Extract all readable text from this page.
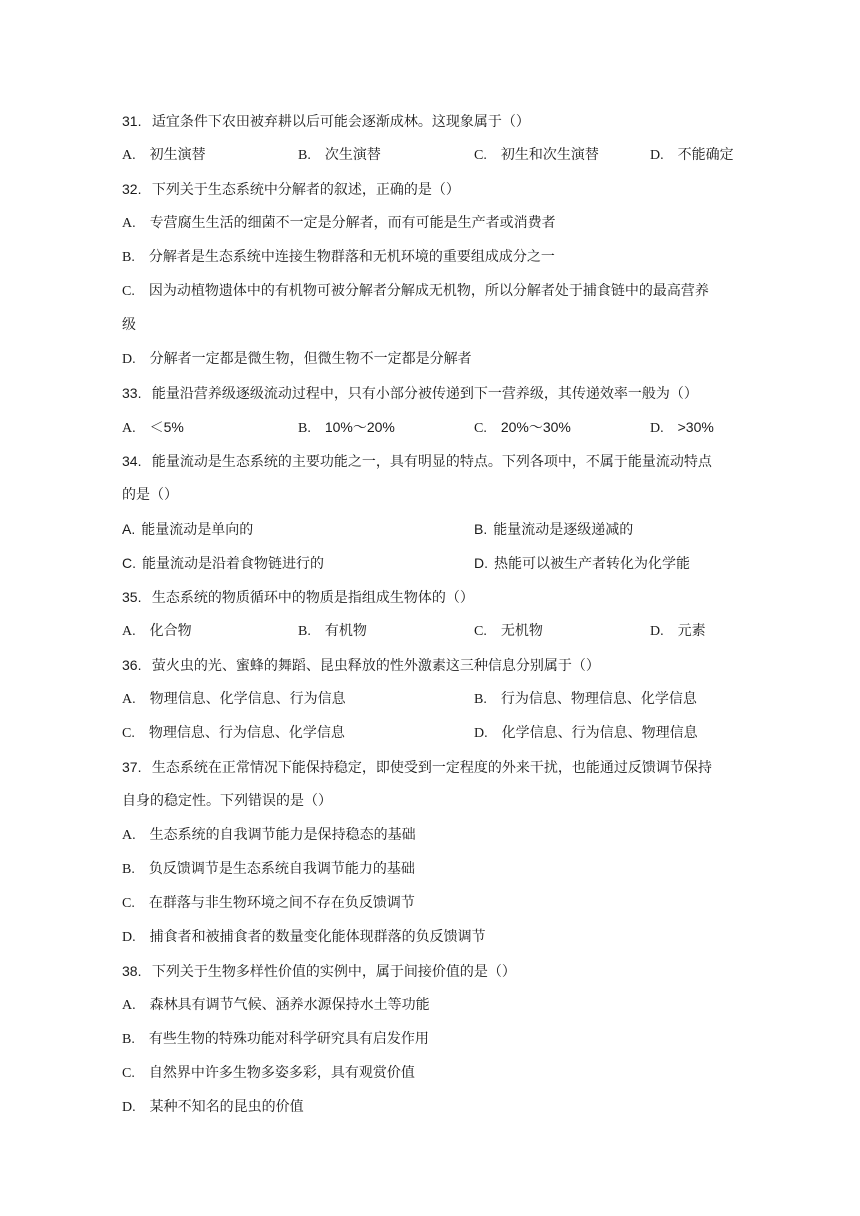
31. 适宜条件下农田被弃耕以后可能会逐渐成林。这现象属于（）
A. 初生演替	B. 次生演替	C. 初生和次生演替	D. 不能确定
32. 下列关于生态系统中分解者的叙述，正确的是（）
A. 专营腐生生活的细菌不一定是分解者，而有可能是生产者或消费者
B. 分解者是生态系统中连接生物群落和无机环境的重要组成成分之一
C. 因为动植物遗体中的有机物可被分解者分解成无机物，所以分解者处于捕食链中的最高营养
级
D. 分解者一定都是微生物，但微生物不一定都是分解者
33. 能量沿营养级逐级流动过程中，只有小部分被传递到下一营养级，其传递效率一般为（）
A. ＜5%	B. 10%～20%	C. 20%～30%	D. >30%
34. 能量流动是生态系统的主要功能之一，具有明显的特点。下列各项中，不属于能量流动特点
的是（）
A. 能量流动是单向的	B. 能量流动是逐级递减的
C. 能量流动是沿着食物链进行的	D. 热能可以被生产者转化为化学能
35. 生态系统的物质循环中的物质是指组成生物体的（）
A. 化合物	B. 有机物	C. 无机物	D. 元素
36. 萤火虫的光、蜜蜂的舞蹈、昆虫释放的性外激素这三种信息分别属于（）
A. 物理信息、化学信息、行为信息	B. 行为信息、物理信息、化学信息
C. 物理信息、行为信息、化学信息	D. 化学信息、行为信息、物理信息
37. 生态系统在正常情况下能保持稳定，即使受到一定程度的外来干扰，也能通过反馈调节保持
自身的稳定性。下列错误的是（）
A. 生态系统的自我调节能力是保持稳态的基础
B. 负反馈调节是生态系统自我调节能力的基础
C. 在群落与非生物环境之间不存在负反馈调节
D. 捕食者和被捕食者的数量变化能体现群落的负反馈调节
38. 下列关于生物多样性价值的实例中，属于间接价值的是（）
A. 森林具有调节气候、涵养水源保持水土等功能
B. 有些生物的特殊功能对科学研究具有启发作用
C. 自然界中许多生物多姿多彩，具有观赏价值
D. 某种不知名的昆虫的价值
